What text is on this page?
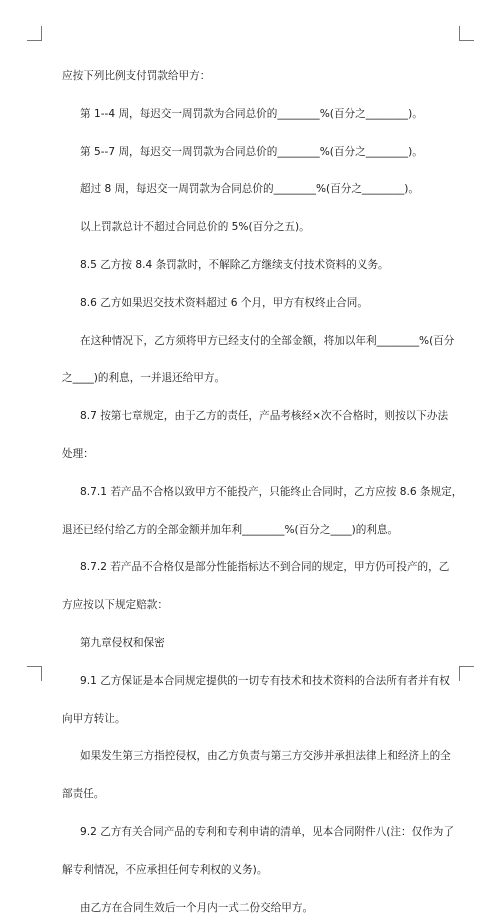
应按下列比例支付罚款给甲方：
第 1--4 周，每迟交一周罚款为合同总价的________%(百分之________)。
第 5--7 周，每迟交一周罚款为合同总价的________%(百分之________)。
超过 8 周，每迟交一周罚款为合同总价的________%(百分之________)。
以上罚款总计不超过合同总价的 5%(百分之五)。
8.5 乙方按 8.4 条罚款时，不解除乙方继续支付技术资料的义务。
8.6 乙方如果迟交技术资料超过 6 个月，甲方有权终止合同。
在这种情况下，乙方须将甲方已经支付的全部金额，将加以年利________%(百分
之____)的利息，一并退还给甲方。
8.7 按第七章规定，由于乙方的责任，产品考核经×次不合格时，则按以下办法
处理：
8.7.1 若产品不合格以致甲方不能投产，只能终止合同时，乙方应按 8.6 条规定，
退还已经付给乙方的全部金额并加年利________%(百分之____)的利息。
8.7.2 若产品不合格仅是部分性能指标达不到合同的规定，甲方仍可投产的，乙
方应按以下规定赔款：
第九章侵权和保密
9.1 乙方保证是本合同规定提供的一切专有技术和技术资料的合法所有者并有权
向甲方转让。
如果发生第三方指控侵权，由乙方负责与第三方交涉并承担法律上和经济上的全
部责任。
9.2 乙方有关合同产品的专利和专利申请的清单，见本合同附件八(注：仅作为了
解专利情况，不应承担任何专利权的义务)。
由乙方在合同生效后一个月内一式二份交给甲方。
